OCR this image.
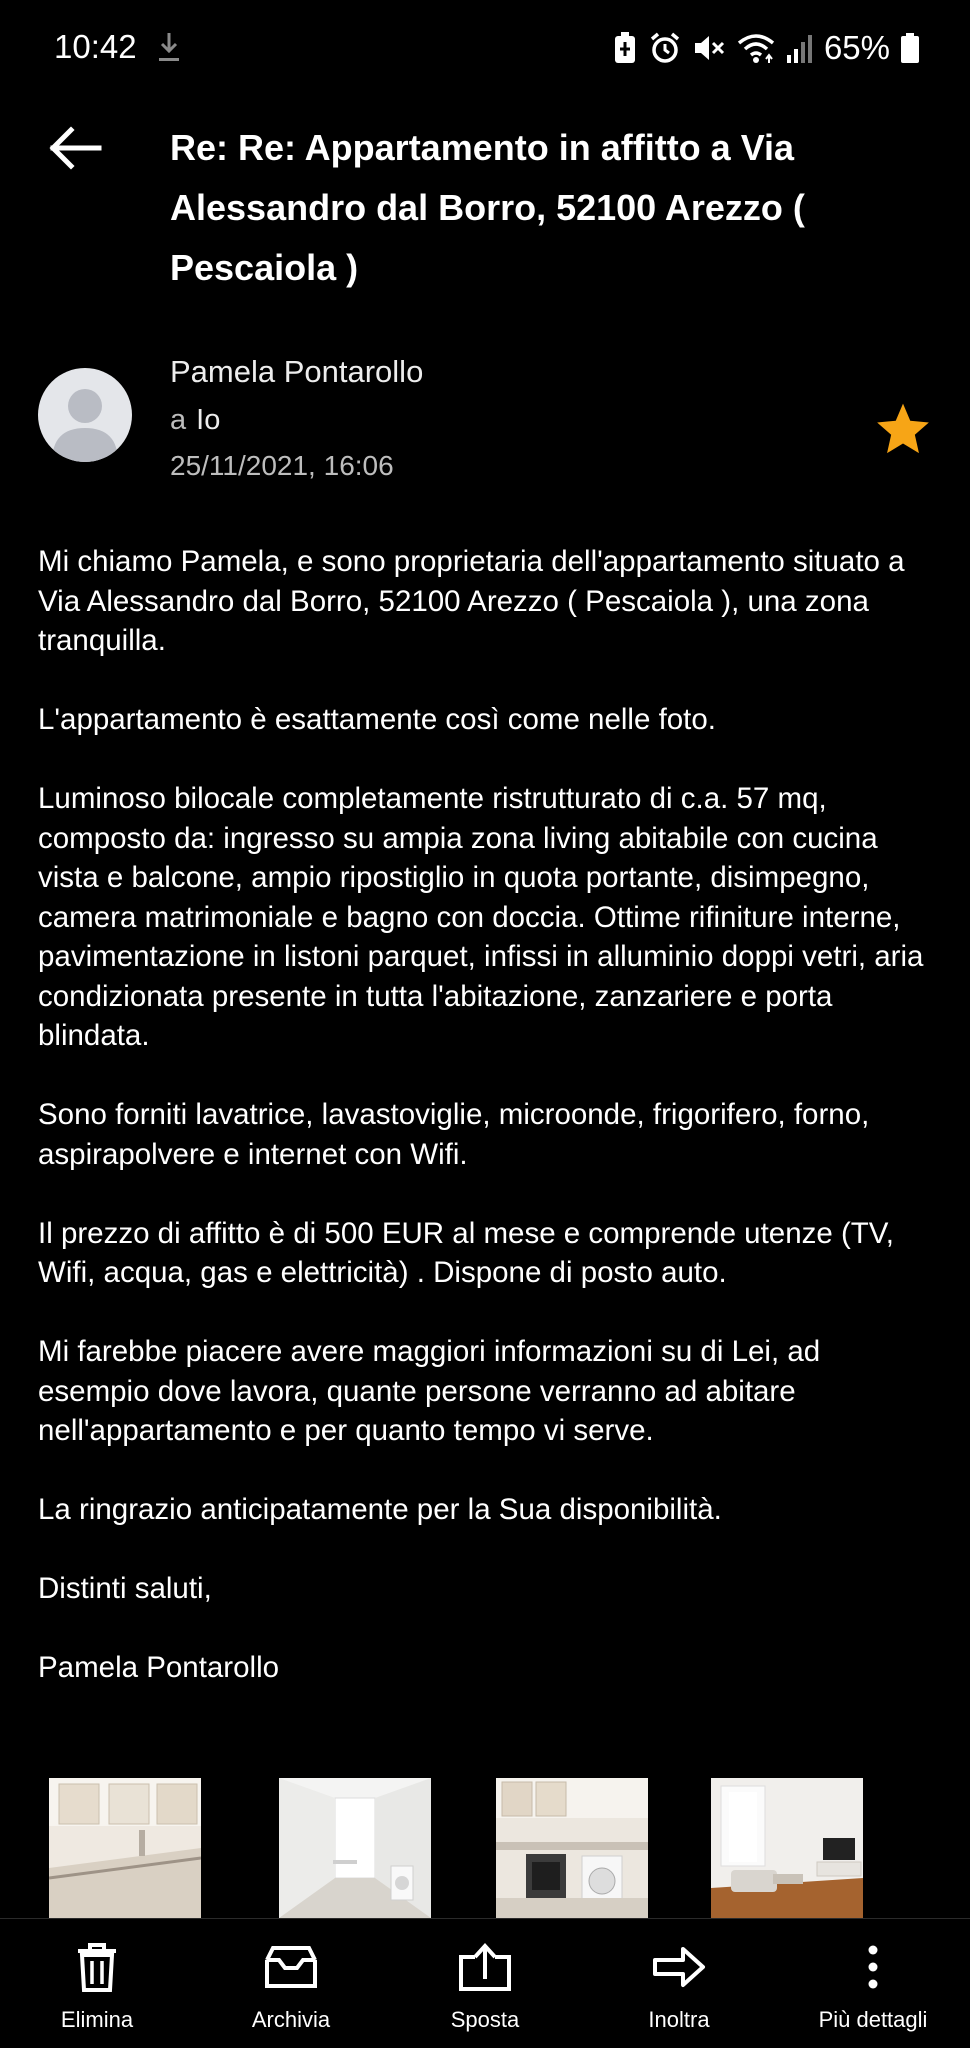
10:42	65%
Re: Re: Appartamento in affitto a Via Alessandro dal Borro, 52100 Arezzo ( Pescaiola )
Pamela Pontarollo
a Io
25/11/2021, 16:06

Mi chiamo Pamela, e sono proprietaria dell'appartamento situato a Via Alessandro dal Borro, 52100 Arezzo ( Pescaiola ), una zona tranquilla.

L'appartamento è esattamente così come nelle foto.

Luminoso bilocale completamente ristrutturato di c.a. 57 mq, composto da: ingresso su ampia zona living abitabile con cucina vista e balcone, ampio ripostiglio in quota portante, disimpegno, camera matrimoniale e bagno con doccia. Ottime rifiniture interne, pavimentazione in listoni parquet, infissi in alluminio doppi vetri, aria condizionata presente in tutta l'abitazione, zanzariere e porta blindata.

Sono forniti lavatrice, lavastoviglie, microonde, frigorifero, forno, aspirapolvere e internet con Wifi.

Il prezzo di affitto è di 500 EUR al mese e comprende utenze (TV, Wifi, acqua, gas e elettricità) . Dispone di posto auto.

Mi farebbe piacere avere maggiori informazioni su di Lei, ad esempio dove lavora, quante persone verranno ad abitare nell'appartamento e per quanto tempo vi serve.

La ringrazio anticipatamente per la Sua disponibilità.

Distinti saluti,

Pamela Pontarollo

Elimina	Archivia	Sposta	Inoltra	Più dettagli
